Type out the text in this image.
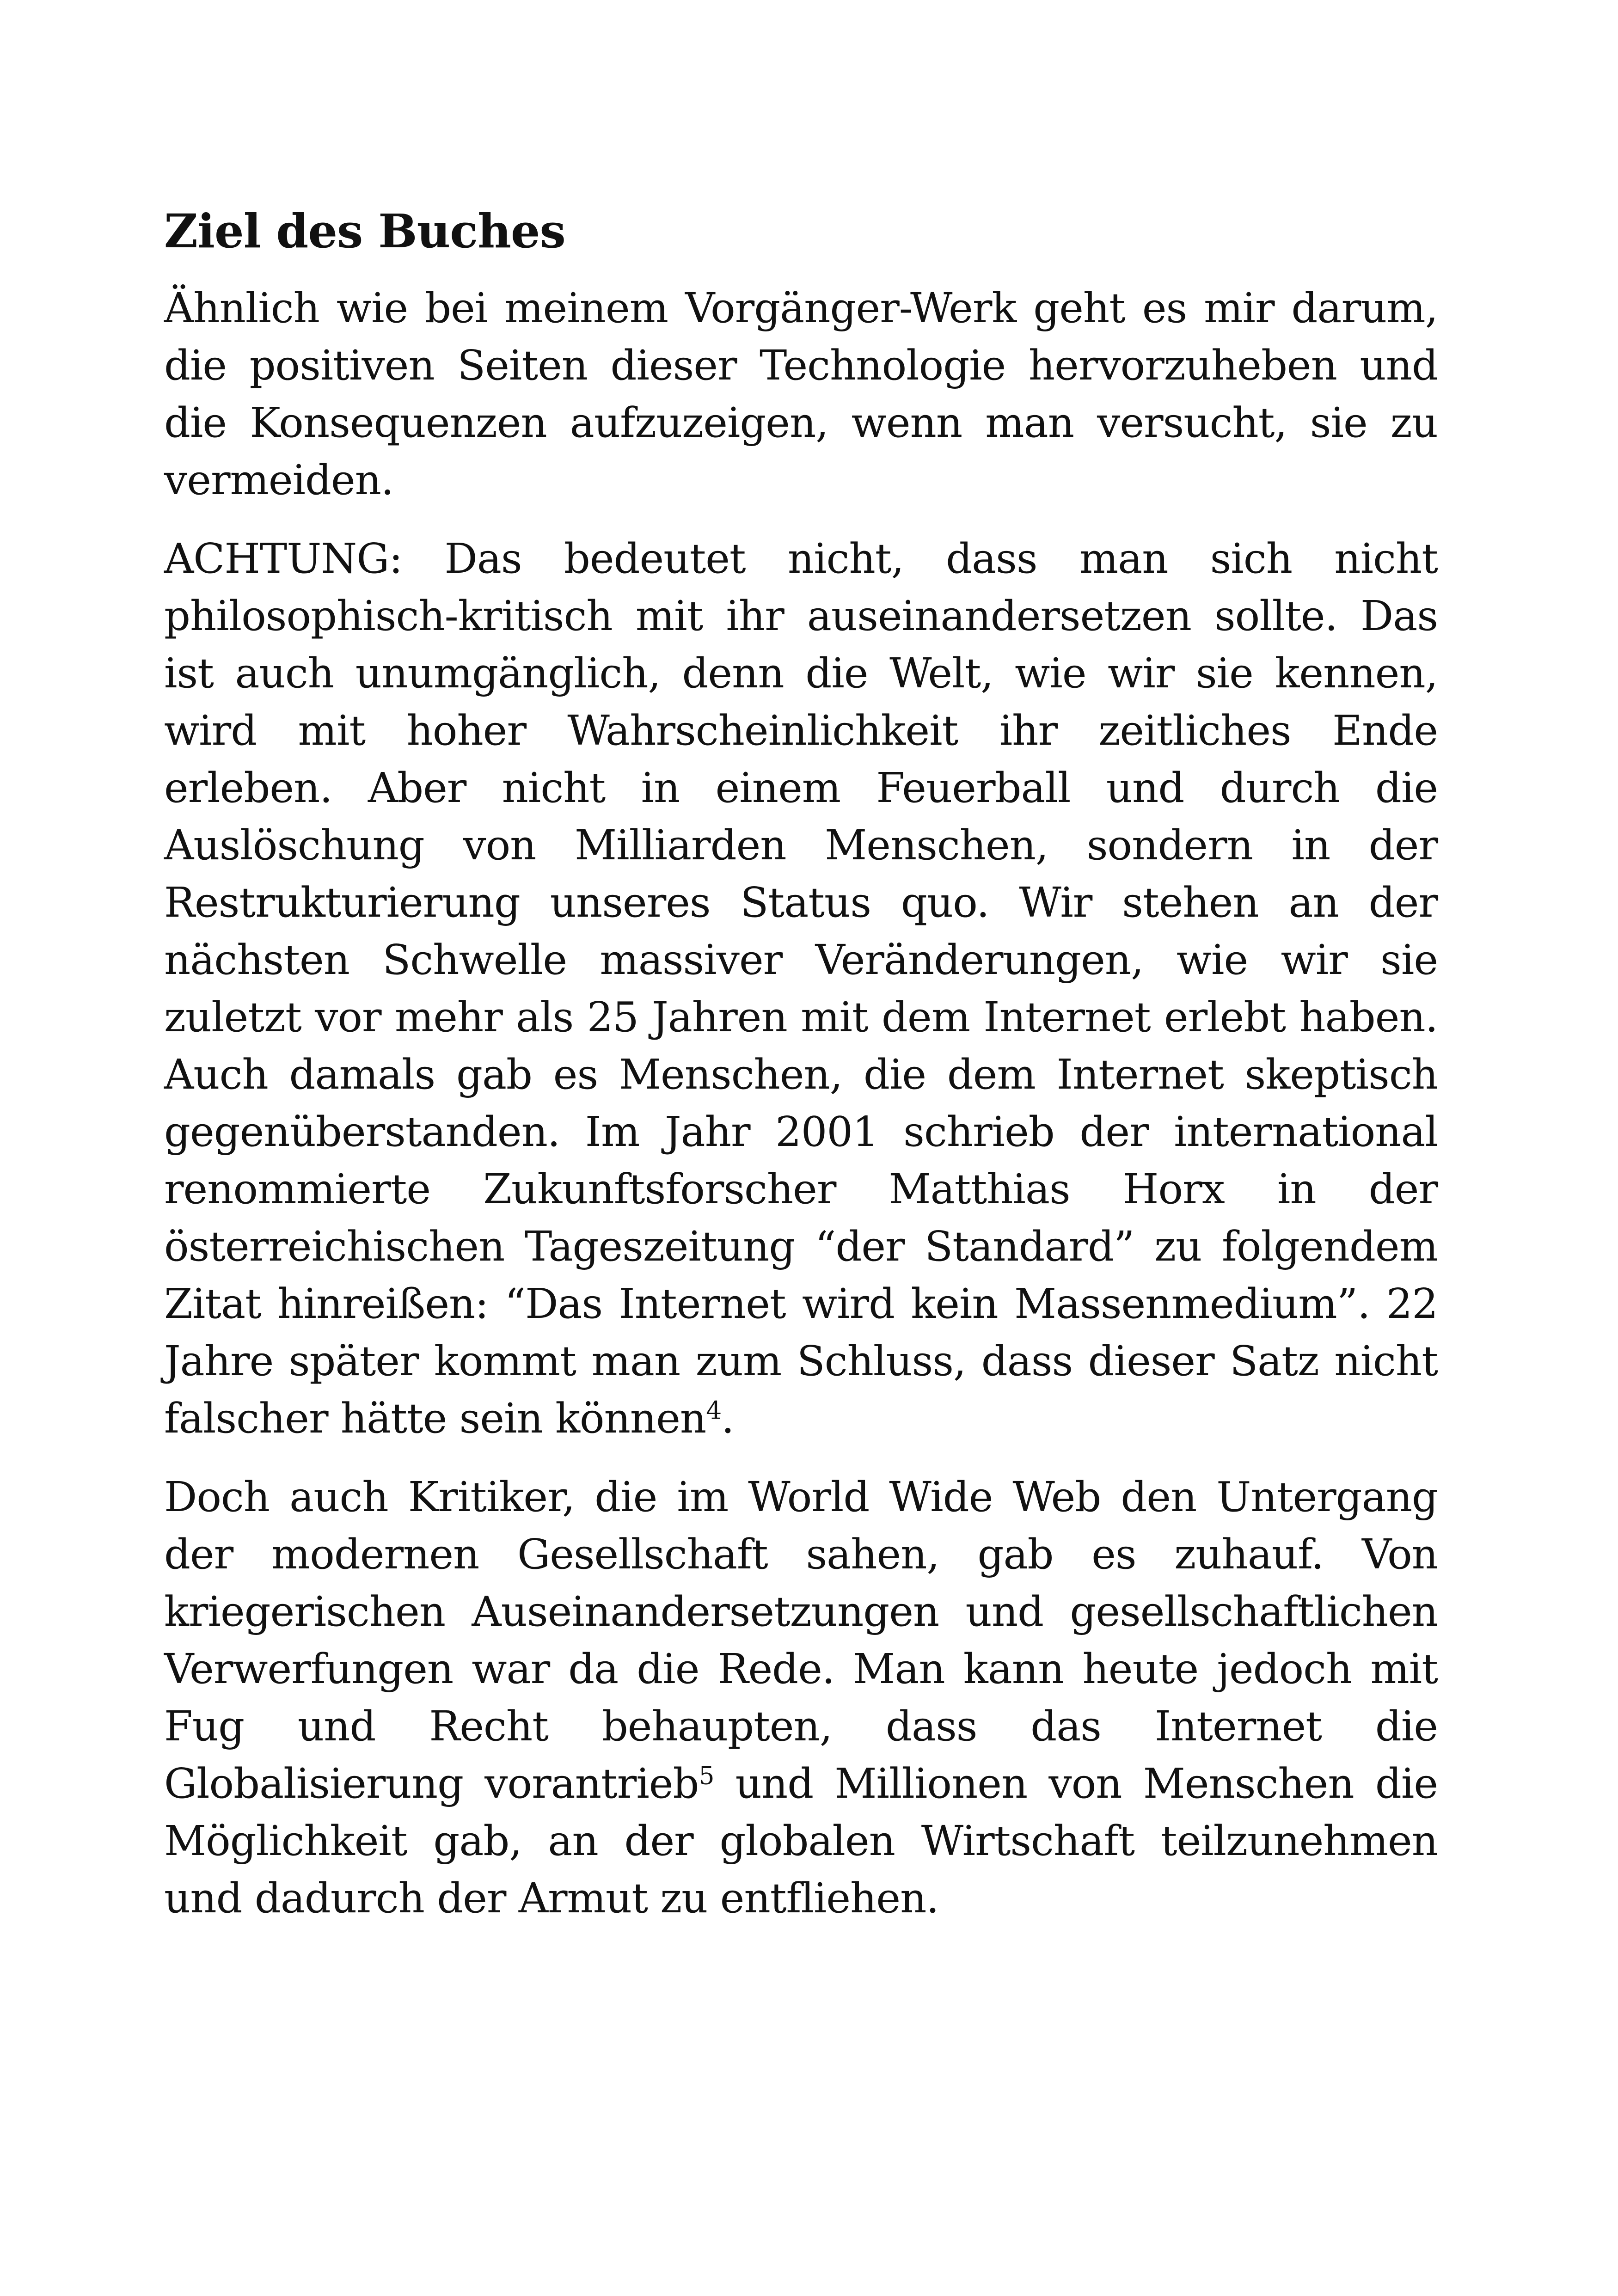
Ziel des Buches

Ähnlich wie bei meinem Vorgänger-Werk geht es mir darum, die positiven Seiten dieser Technologie hervorzuheben und die Konsequenzen aufzuzeigen, wenn man versucht, sie zu vermeiden.

ACHTUNG: Das bedeutet nicht, dass man sich nicht philosophisch-kritisch mit ihr auseinandersetzen sollte. Das ist auch unumgänglich, denn die Welt, wie wir sie kennen, wird mit hoher Wahrscheinlichkeit ihr zeitliches Ende erleben. Aber nicht in einem Feuerball und durch die Auslöschung von Milliarden Menschen, sondern in der Restrukturierung unseres Status quo. Wir stehen an der nächsten Schwelle massiver Veränderungen, wie wir sie zuletzt vor mehr als 25 Jahren mit dem Internet erlebt haben. Auch damals gab es Menschen, die dem Internet skeptisch gegenüberstanden. Im Jahr 2001 schrieb der international renommierte Zukunftsforscher Matthias Horx in der österreichischen Tageszeitung “der Standard” zu folgendem Zitat hinreißen: “Das Internet wird kein Massenmedium”. 22 Jahre später kommt man zum Schluss, dass dieser Satz nicht falscher hätte sein können$^4$.

Doch auch Kritiker, die im World Wide Web den Untergang der modernen Gesellschaft sahen, gab es zuhauf. Von kriegerischen Auseinandersetzungen und gesellschaftlichen Verwerfungen war da die Rede. Man kann heute jedoch mit Fug und Recht behaupten, dass das Internet die Globalisierung vorantrieb$^5$ und Millionen von Menschen die Möglichkeit gab, an der globalen Wirtschaft teilzunehmen und dadurch der Armut zu entfliehen.
